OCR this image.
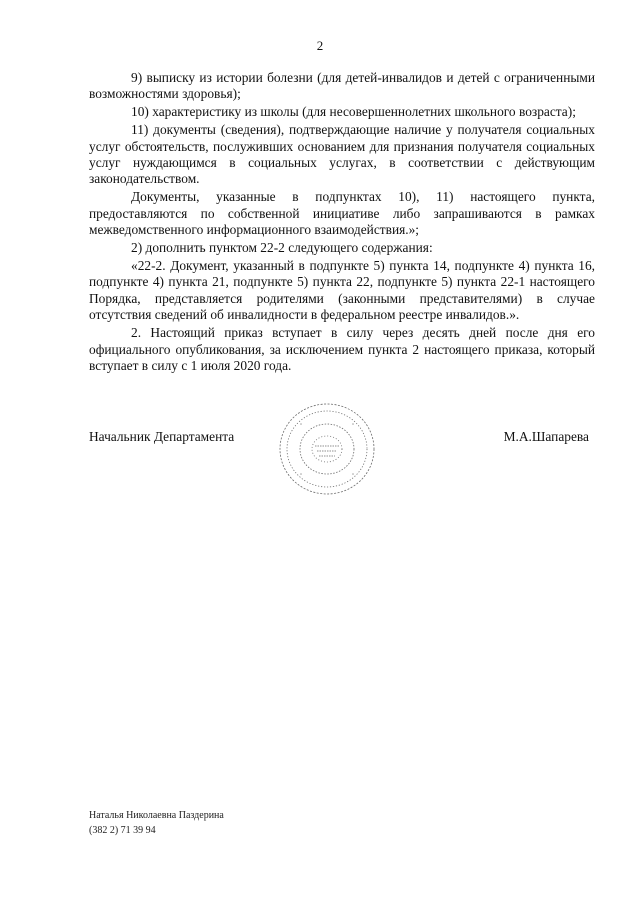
2

9) выписку из истории болезни (для детей-инвалидов и детей с ограниченными возможностями здоровья);

10) характеристику из школы (для несовершеннолетних школьного возраста);

11) документы (сведения), подтверждающие наличие у получателя социальных услуг обстоятельств, послуживших основанием для признания получателя социальных услуг нуждающимся в социальных услугах, в соответствии с действующим законодательством.

Документы, указанные в подпунктах 10), 11) настоящего пункта, предоставляются по собственной инициативе либо запрашиваются в рамках межведомственного информационного взаимодействия.»;

2) дополнить пунктом 22-2 следующего содержания:

«22-2. Документ, указанный в подпункте 5) пункта 14, подпункте 4) пункта 16, подпункте 4) пункта 21, подпункте 5) пункта 22, подпункте 5) пункта 22-1 настоящего Порядка, представляется родителями (законными представителями) в случае отсутствия сведений об инвалидности в федеральном реестре инвалидов.».

2. Настоящий приказ вступает в силу через десять дней после дня его официального опубликования, за исключением пункта 2 настоящего приказа, который вступает в силу с 1 июля 2020 года.

Начальник Департамента	М.А.Шапарева
Наталья Николаевна Паздерина
(382 2) 71 39 94
